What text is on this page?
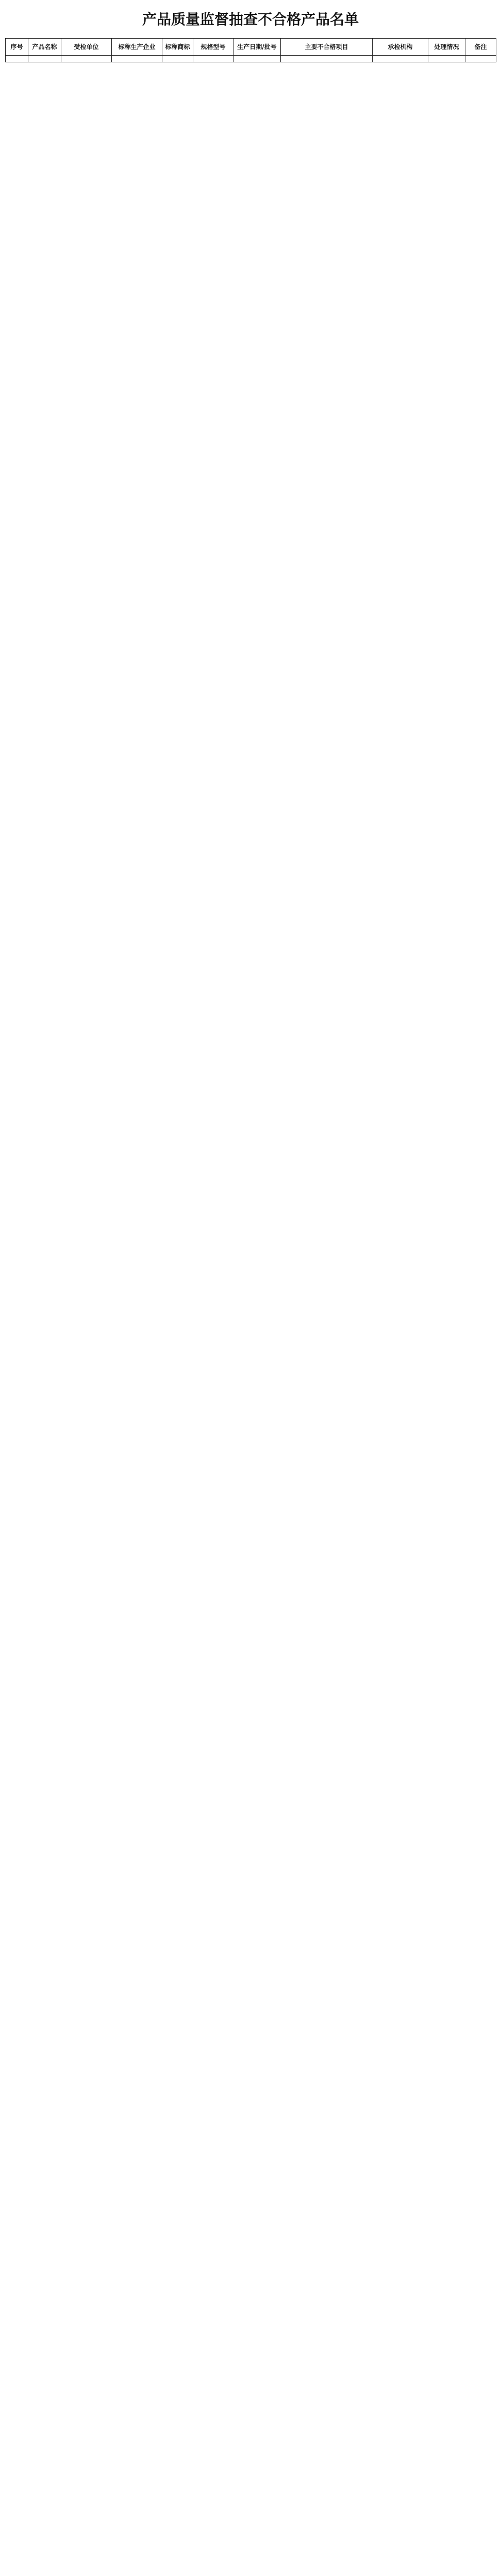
产品质量监督抽查不合格产品名单
序号	产品名称	受检单位	标称生产企业	标称商标	规格型号	生产日期/批号	主要不合格项目	承检机构	处理情况	备注
